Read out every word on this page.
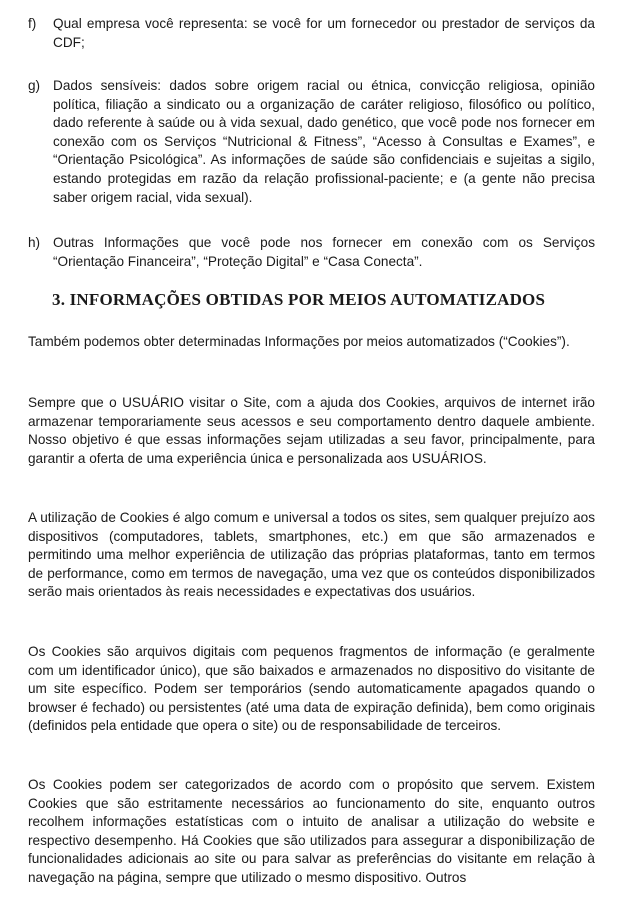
f) Qual empresa você representa: se você for um fornecedor ou prestador de serviços da CDF;
g) Dados sensíveis: dados sobre origem racial ou étnica, convicção religiosa, opinião política, filiação a sindicato ou a organização de caráter religioso, filosófico ou político, dado referente à saúde ou à vida sexual, dado genético, que você pode nos fornecer em conexão com os Serviços “Nutricional & Fitness”, “Acesso à Consultas e Exames”, e “Orientação Psicológica”. As informações de saúde são confidenciais e sujeitas a sigilo, estando protegidas em razão da relação profissional-paciente; e (a gente não precisa saber origem racial, vida sexual).
h) Outras Informações que você pode nos fornecer em conexão com os Serviços “Orientação Financeira”, “Proteção Digital” e “Casa Conecta”.
3. INFORMAÇÕES OBTIDAS POR MEIOS AUTOMATIZADOS
Também podemos obter determinadas Informações por meios automatizados (“Cookies”).
Sempre que o USUÁRIO visitar o Site, com a ajuda dos Cookies, arquivos de internet irão armazenar temporariamente seus acessos e seu comportamento dentro daquele ambiente. Nosso objetivo é que essas informações sejam utilizadas a seu favor, principalmente, para garantir a oferta de uma experiência única e personalizada aos USUÁRIOS.
A utilização de Cookies é algo comum e universal a todos os sites, sem qualquer prejuízo aos dispositivos (computadores, tablets, smartphones, etc.) em que são armazenados e permitindo uma melhor experiência de utilização das próprias plataformas, tanto em termos de performance, como em termos de navegação, uma vez que os conteúdos disponibilizados serão mais orientados às reais necessidades e expectativas dos usuários.
Os Cookies são arquivos digitais com pequenos fragmentos de informação (e geralmente com um identificador único), que são baixados e armazenados no dispositivo do visitante de um site específico. Podem ser temporários (sendo automaticamente apagados quando o browser é fechado) ou persistentes (até uma data de expiração definida), bem como originais (definidos pela entidade que opera o site) ou de responsabilidade de terceiros.
Os Cookies podem ser categorizados de acordo com o propósito que servem. Existem Cookies que são estritamente necessários ao funcionamento do site, enquanto outros recolhem informações estatísticas com o intuito de analisar a utilização do website e respectivo desempenho. Há Cookies que são utilizados para assegurar a disponibilização de funcionalidades adicionais ao site ou para salvar as preferências do visitante em relação à navegação na página, sempre que utilizado o mesmo dispositivo. Outros
